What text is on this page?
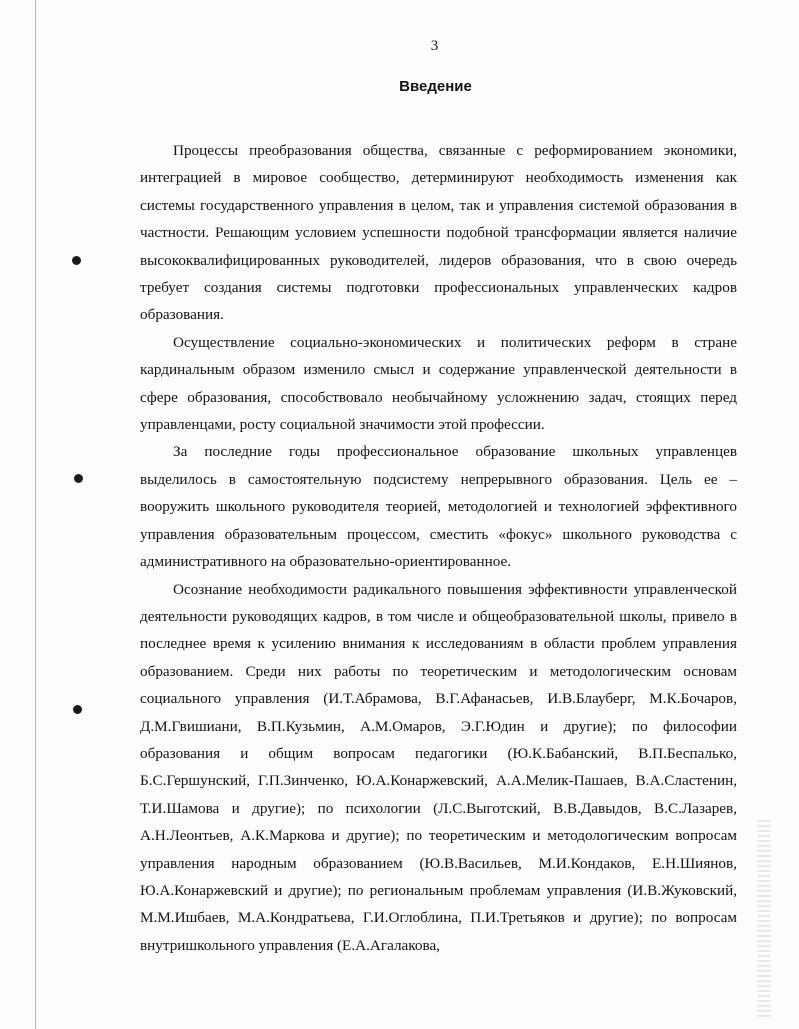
3
Введение

Процессы преобразования общества, связанные с реформированием экономики, интеграцией в мировое сообщество, детерминируют необходимость изменения как системы государственного управления в целом, так и управления системой образования в частности. Решающим условием успешности подобной трансформации является наличие высококвалифицированных руководителей, лидеров образования, что в свою очередь требует создания системы подготовки профессиональных управленческих кадров образования.

Осуществление социально-экономических и политических реформ в стране кардинальным образом изменило смысл и содержание управленческой деятельности в сфере образования, способствовало необычайному усложнению задач, стоящих перед управленцами, росту социальной значимости этой профессии.

За последние годы профессиональное образование школьных управленцев выделилось в самостоятельную подсистему непрерывного образования. Цель ее – вооружить школьного руководителя теорией, методологией и технологией эффективного управления образовательным процессом, сместить «фокус» школьного руководства с административного на образовательно-ориентированное.

Осознание необходимости радикального повышения эффективности управленческой деятельности руководящих кадров, в том числе и общеобразовательной школы, привело в последнее время к усилению внимания к исследованиям в области проблем управления образованием. Среди них работы по теоретическим и методологическим основам социального управления (И.Т.Абрамова, В.Г.Афанасьев, И.В.Блауберг, М.К.Бочаров, Д.М.Гвишиани, В.П.Кузьмин, А.М.Омаров, Э.Г.Юдин и другие); по философии образования и общим вопросам педагогики (Ю.К.Бабанский, В.П.Беспалько, Б.С.Гершунский, Г.П.Зинченко, Ю.А.Конаржевский, А.А.Мелик-Пашаев, В.А.Сластенин, Т.И.Шамова и другие); по психологии (Л.С.Выготский, В.В.Давыдов, В.С.Лазарев, А.Н.Леонтьев, А.К.Маркова и другие); по теоретическим и методологическим вопросам управления народным образованием (Ю.В.Васильев, М.И.Кондаков, Е.Н.Шиянов, Ю.А.Конаржевский и другие); по региональным проблемам управления (И.В.Жуковский, М.М.Ишбаев, М.А.Кондратьева, Г.И.Оглоблина, П.И.Третьяков и другие); по вопросам внутришкольного управления (Е.А.Агалакова,
